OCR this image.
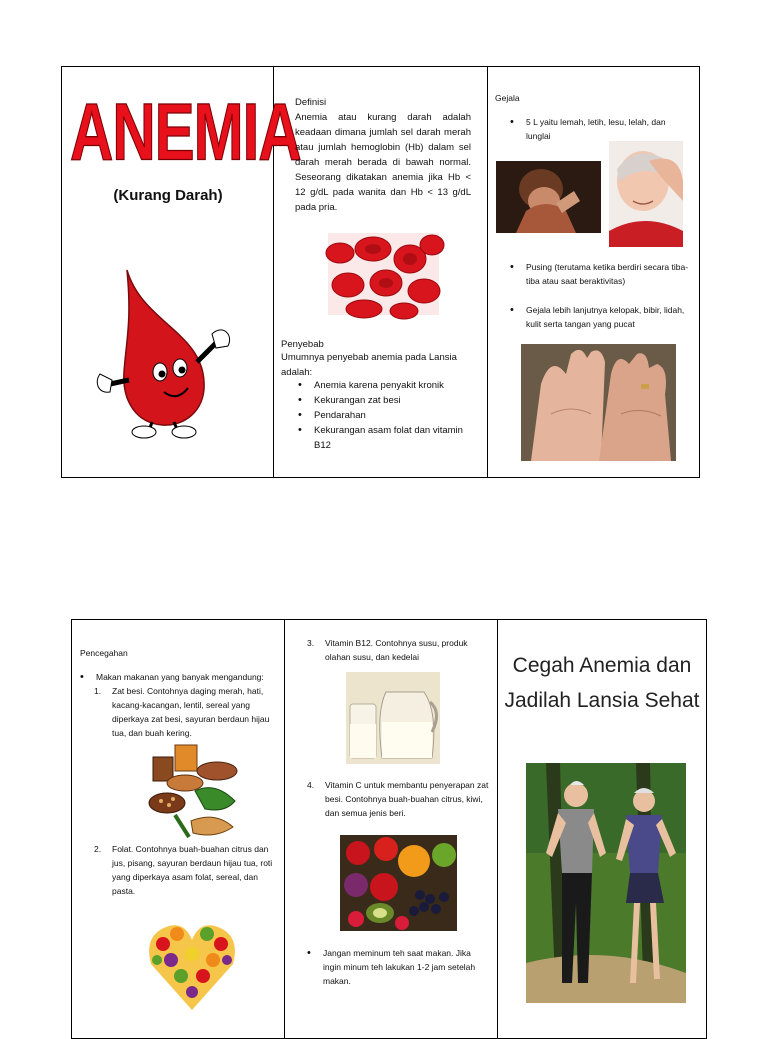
ANEMIA
(Kurang Darah)
Definisi
Anemia atau kurang darah adalah keadaan dimana jumlah sel darah merah atau jumlah hemoglobin (Hb) dalam sel darah merah berada di bawah normal. Seseorang dikatakan anemia jika Hb < 12 g/dL pada wanita dan Hb < 13 g/dL pada pria.
Penyebab
Umumnya penyebab anemia pada Lansia adalah:
• Anemia karena penyakit kronik
• Kekurangan zat besi
• Pendarahan
• Kekurangan asam folat dan vitamin B12
Gejala
• 5 L yaitu lemah, letih, lesu, lelah, dan lunglai
• Pusing (terutama ketika berdiri secara tiba-tiba atau saat beraktivitas)
• Gejala lebih lanjutnya kelopak, bibir, lidah, kulit serta tangan yang pucat
Pencegahan
• Makan makanan yang banyak mengandung:
1. Zat besi. Contohnya daging merah, hati, kacang-kacangan, lentil, sereal yang diperkaya zat besi, sayuran berdaun hijau tua, dan buah kering.
2. Folat. Contohnya buah-buahan citrus dan jus, pisang, sayuran berdaun hijau tua, roti yang diperkaya asam folat, sereal, dan pasta.
3. Vitamin B12. Contohnya susu, produk olahan susu, dan kedelai
4. Vitamin C untuk membantu penyerapan zat besi. Contohnya buah-buahan citrus, kiwi, dan semua jenis beri.
• Jangan meminum teh saat makan. Jika ingin minum teh lakukan 1-2 jam setelah makan.
Cegah Anemia dan Jadilah Lansia Sehat
